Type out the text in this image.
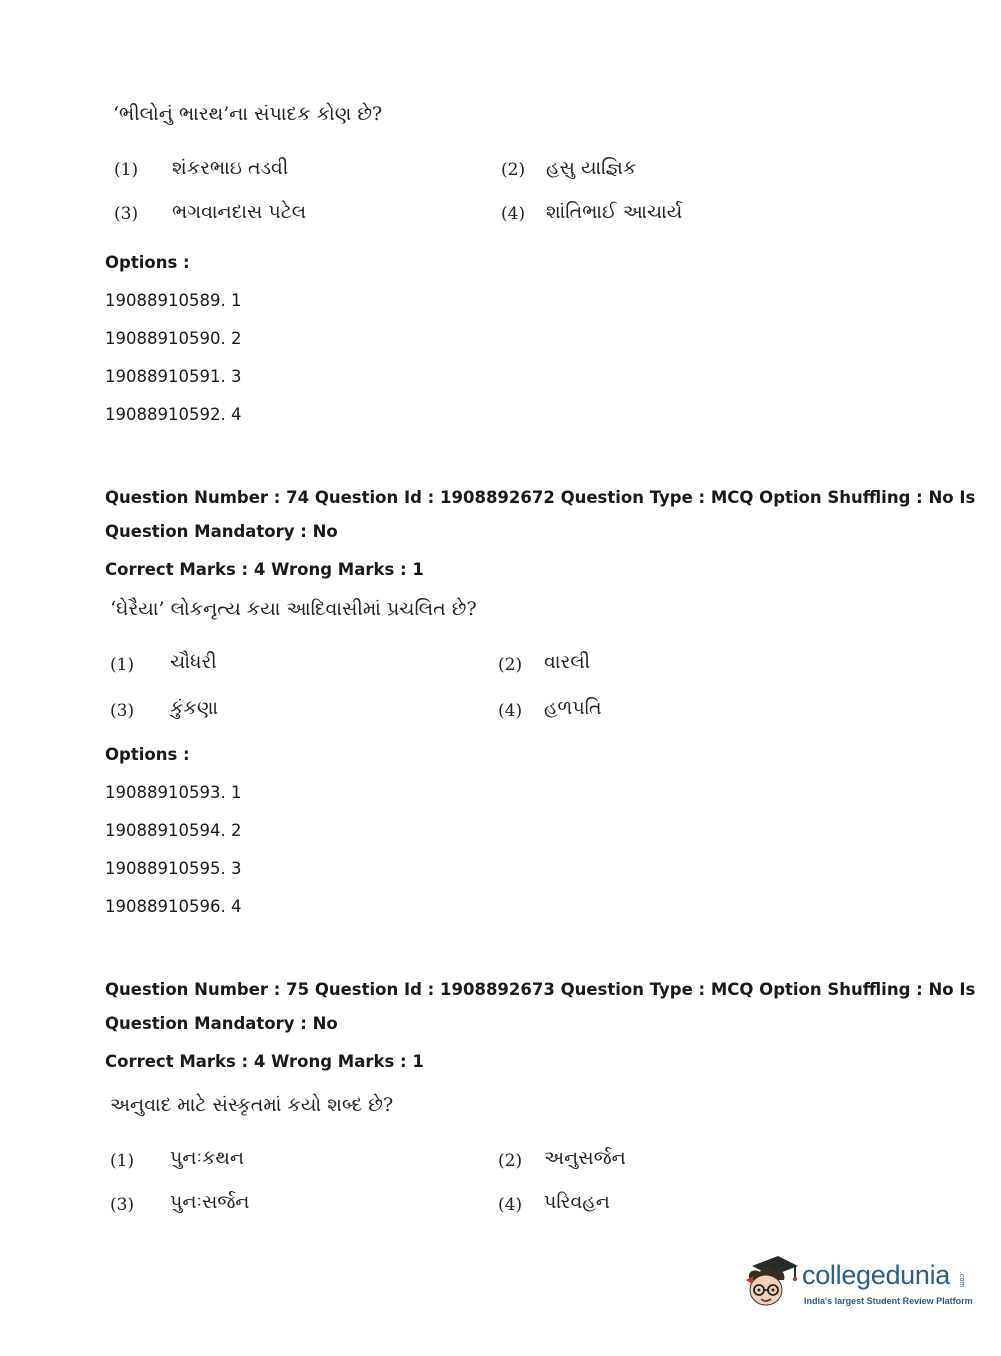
‘ભીલોનું ભારથ’ના સંપાદક કોણ છે?
(1) શંકરભાઇ તડવી	(2) હસુ યાજ્ઞિક
(3) ભગવાનદાસ પટેલ	(4) શાંતિભાઈ આચાર્ય
Options :
19088910589. 1
19088910590. 2
19088910591. 3
19088910592. 4
Question Number : 74 Question Id : 1908892672 Question Type : MCQ Option Shuffling : No Is
Question Mandatory : No
Correct Marks : 4 Wrong Marks : 1
‘ઘેરૈયા’ લોકનૃત્ય કયા આદિવાસીમાં પ્રચલિત છે?
(1) ચૌધરી	(2) વારલી
(3) કુંકણા	(4) હળપતિ
Options :
19088910593. 1
19088910594. 2
19088910595. 3
19088910596. 4
Question Number : 75 Question Id : 1908892673 Question Type : MCQ Option Shuffling : No Is
Question Mandatory : No
Correct Marks : 4 Wrong Marks : 1
અનુવાદ માટે સંસ્કૃતમાં કયો શબ્દ છે?
(1) પુનઃકથન	(2) અનુસર્જન
(3) પુનઃસર્જન	(4) પરિવહન
collegedunia .com
India's largest Student Review Platform
